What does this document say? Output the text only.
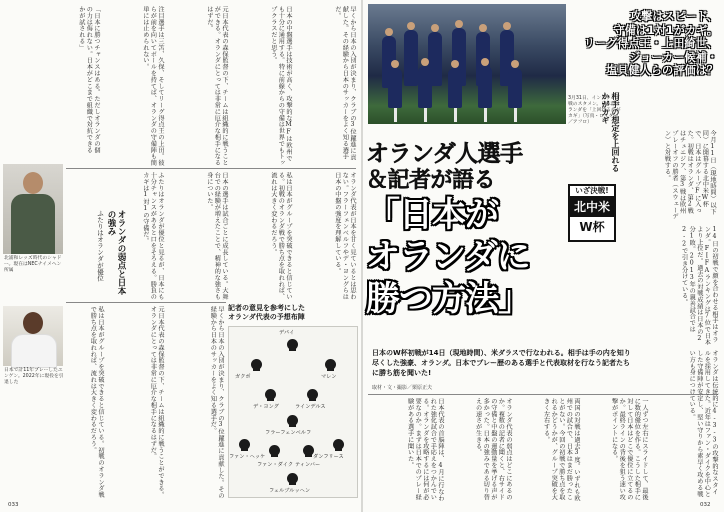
早くから日本の入団が決まり、クラブの3位躍進に貢献した。その経験から日本のサッカーをよく知る選手だ。
日本の中盤選手は技術が高く、攻撃的なMFは欧州でも十分に通用する。特に前線からの守備は世界でもトップクラスだと思う。
元日本代表の森保監督の下、チームは組織的に戦うことができる。オランダにとっては非常に厄介な相手になるはずだ。
注目選手は三笘、久保、そしてリーグ得点王の上田。彼らが前を向いてボールを持てば、オランダの守備陣も簡単には止められない。
「日本に勝つチャンスはある。ただしオランダの個の力は侮れない。日本がどこまで組織で対抗できるかが試される」
オランダ代表が日本を甘く見ているとは思わない。フラーフェンベルフやデ・ヨングらは日本の中盤の強度を理解している。
私は日本がグループを突破できると信じている。初戦のオランダ戦で勝ち点を取れれば、流れは大きく変わるだろう。
日本の選手は試合ごとに成長している。大舞台での経験が増えたことで、精神的な強さも身についた。
ふたりはオランダが優位と見るが、日本にも十分チャンスがあると口をそろえる。勝負のカギは1対1の守備だ。
オランダの弱点と日本の強み
ふたりはオランダが優位
早くから日本の入団が決まり、クラブの3位躍進に貢献した。その経験から日本のサッカーをよく知る選手だ。
元日本代表の森保監督の下、チームは組織的に戦うことができる。オランダにとっては非常に厄介な相手になるはずだ。
私は日本がグループを突破できると信じている。初戦のオランダ戦で勝ち点を取れれば、流れは大きく変わるだろう。
北浦和レッズ時代のシャドー。現在はNECナイメヘン所属
日本で計11年プレーしたユンゲン。2022年に現役を引退した
記者の意見を参考にした
オランダ代表の予想布陣
デパイ
ガクポ	マレン
デ・ヨング	ラインデルス
フラーフェンベルフ
ファン・ヘッケ
ファン・ダイク ティンバー
ダンフリース
フェルブルッヘン
033
攻撃はスピード、
守備は1対1がカギ。
リーグ得点王・上田綺世、
ジョーカー候補・
塩貝健人らの評価は？
3月31日、イングランド戦のスタメン。日本はオランダを「上回れるかがカギ」（写真・ロイター／アフロ）	相手の想定を上回れるかがカギ
今月11日（現地時間）以下同）に開幕する北中米W杯で、日本はグループFに入った。初戦はオランダ、第2戦はチュニジア、第3戦は欧州プレーオフの勝者（スウェーデン）と対戦する。
オランダ人選手
＆記者が語る
「日本が
オランダに
勝つ方法」
いざ決戦!
北中米
W杯	14日の初戦で顔を合わせる相手はオランダ。FIFAランキングは7位で日本より上位だ。過去の対戦成績は日本の2分1敗。2013年の親善試合では2-2で引き分けている。
日本のW杯初戦が14日（現地時間）、米ダラスで行なわれる。相手は手の内を知り尽くした強豪、オランダ。日本でプレー歴のある選手と代表取材を行なう記者たちに勝ち筋を聞いた!
取材・文・撮影／栗原正夫	オランダは伝統的に4-3-3の攻撃的なスタイルを採用してきた。近年はファン・ダイクを中心とした守備陣が安定し、堅い守りから素早く攻める戦い方も身につけている。
一人ずつ左右にスライドして、最後に数的優位を作る。こうした相手に対して日本はどこで優位に立てるのか。最終ラインの背後を狙う速い攻撃がポイントになる。
両国の対戦は過去3度。いずれも欧州での試合で、日本はまだ勝ったことがない。今回の初戦で勝ち点を取れるかどうかが、グループ突破を大きく左右する。
オランダ代表の弱点はどこにあるのか。複数の記者に聞くと、右サイドの守備と中盤の運動量を挙げる声が多かった。日本の強みである切り替えの速さが生きる。
日本代表の首脳陣は、4月に行なわれた強化試合で手応えをつかんでいる。オランダを攻略するには何が必要なのか。まずは日本でのプレー経験がある選手に聞いた。
032
